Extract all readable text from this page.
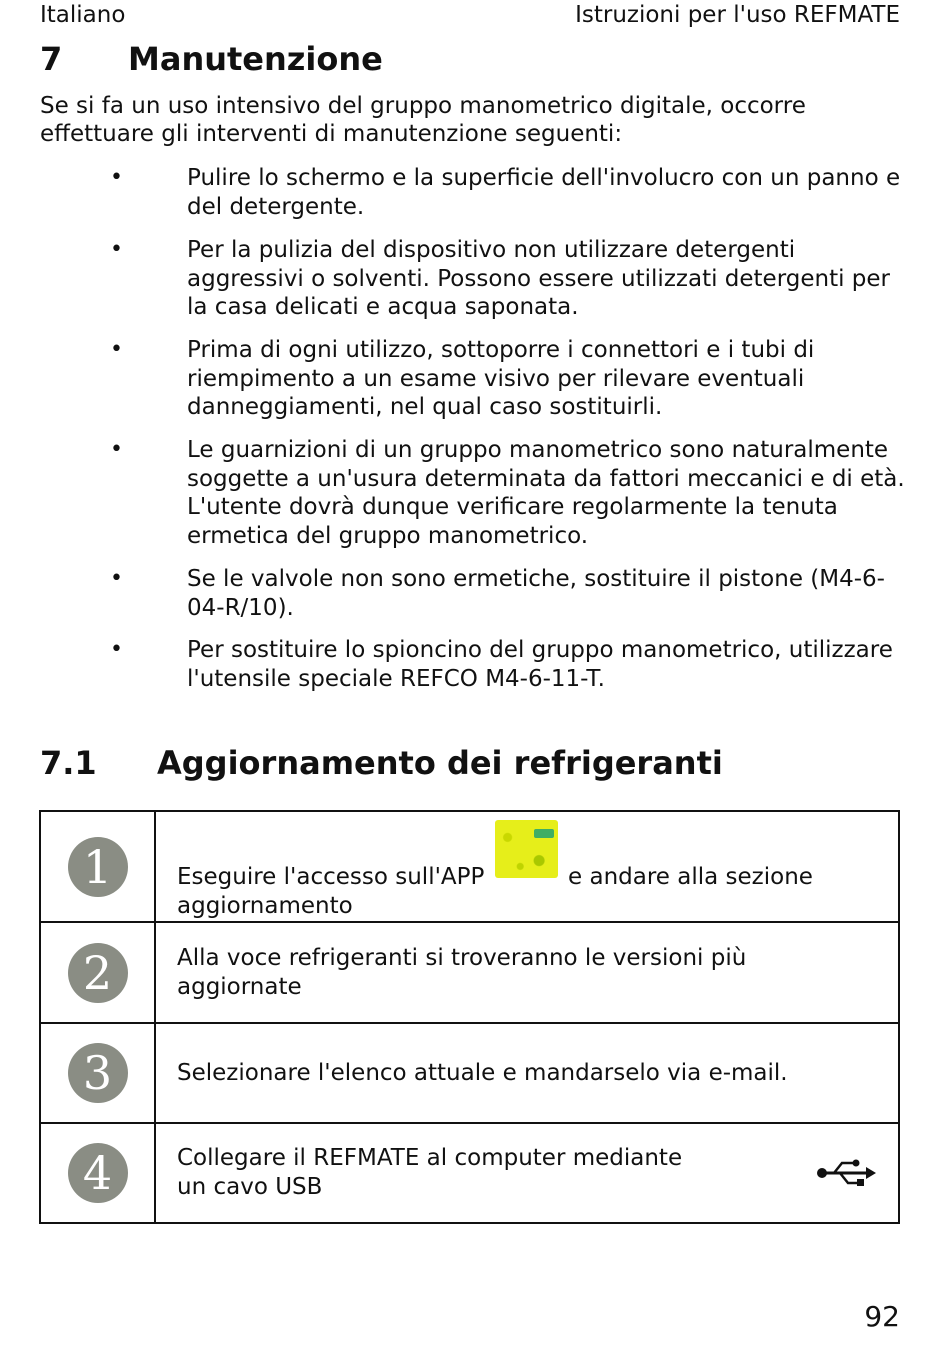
Italiano	Istruzioni per l'uso REFMATE
7 Manutenzione
Se si fa un uso intensivo del gruppo manometrico digitale, occorre effettuare gli interventi di manutenzione seguenti:
•	Pulire lo schermo e la superficie dell'involucro con un panno e del detergente.
•	Per la pulizia del dispositivo non utilizzare detergenti aggressivi o solventi. Possono essere utilizzati detergenti per la casa delicati e acqua saponata.
•	Prima di ogni utilizzo, sottoporre i connettori e i tubi di riempimento a un esame visivo per rilevare eventuali danneggiamenti, nel qual caso sostituirli.
•	Le guarnizioni di un gruppo manometrico sono naturalmente soggette a un'usura determinata da fattori meccanici e di età. L'utente dovrà dunque verificare regolarmente la tenuta ermetica del gruppo manometrico.
•	Se le valvole non sono ermetiche, sostituire il pistone (M4-6-04-R/10).
•	Per sostituire lo spioncino del gruppo manometrico, utilizzare l'utensile speciale REFCO M4-6-11-T.
7.1 Aggiornamento dei refrigeranti
1	Eseguire l'accesso sull'APP e andare alla sezione aggiornamento

2	Alla voce refrigeranti si troveranno le versioni più aggiornate
3	Selezionare l'elenco attuale e mandarselo via e-mail.
4	Collegare il REFMATE al computer mediante un cavo USB
92
